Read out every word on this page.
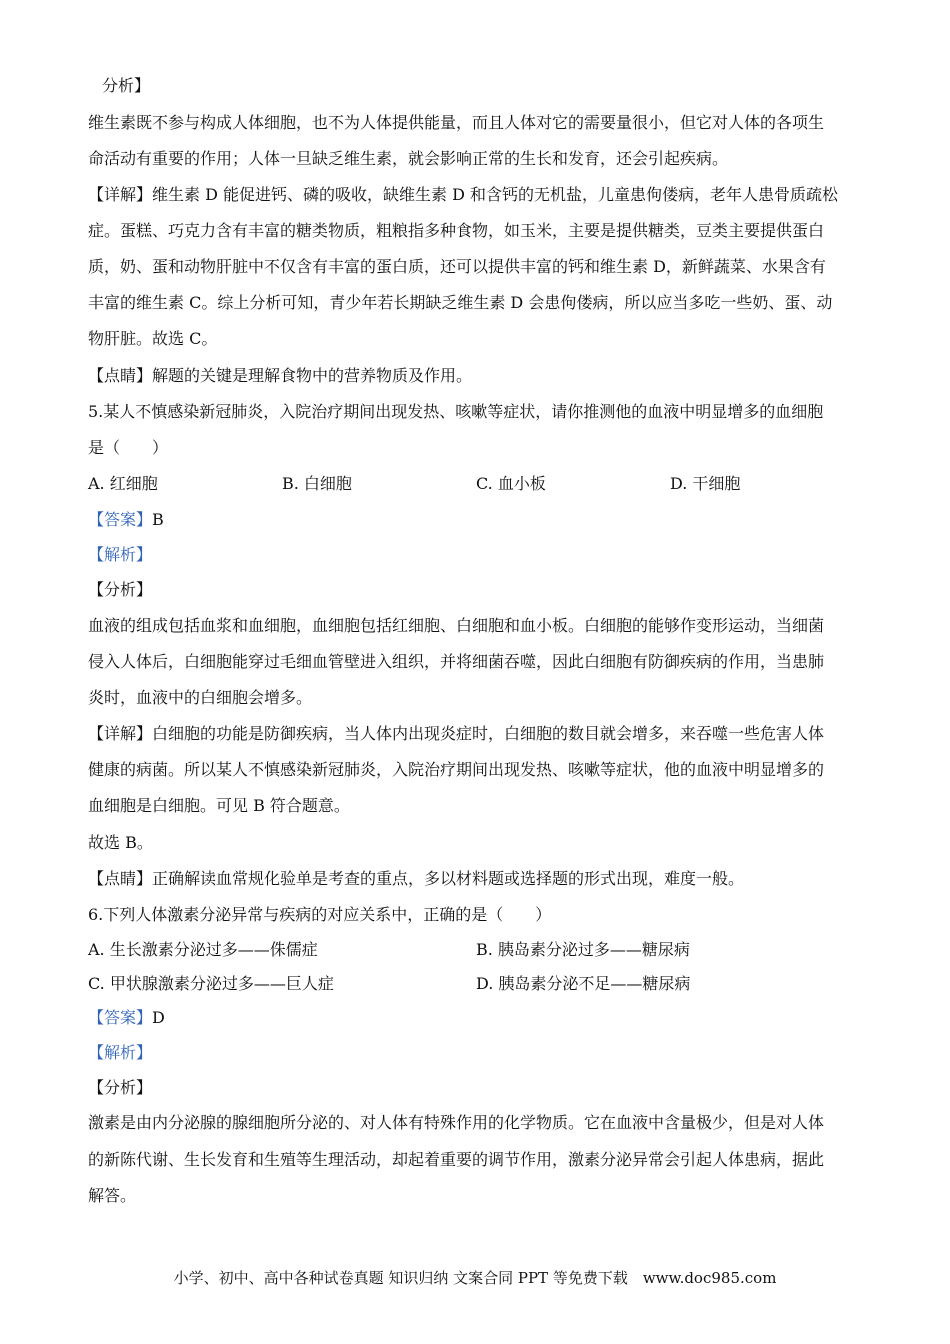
分析】
维生素既不参与构成人体细胞，也不为人体提供能量，而且人体对它的需要量很小，但它对人体的各项生
命活动有重要的作用；人体一旦缺乏维生素，就会影响正常的生长和发育，还会引起疾病。
【详解】维生素 D 能促进钙、磷的吸收，缺维生素 D 和含钙的无机盐，儿童患佝偻病，老年人患骨质疏松
症。蛋糕、巧克力含有丰富的糖类物质，粗粮指多种食物，如玉米，主要是提供糖类，豆类主要提供蛋白
质，奶、蛋和动物肝脏中不仅含有丰富的蛋白质，还可以提供丰富的钙和维生素 D，新鲜蔬菜、水果含有
丰富的维生素 C。综上分析可知，青少年若长期缺乏维生素 D 会患佝偻病，所以应当多吃一些奶、蛋、动
物肝脏。故选 C。
【点睛】解题的关键是理解食物中的营养物质及作用。
5.某人不慎感染新冠肺炎，入院治疗期间出现发热、咳嗽等症状，请你推测他的血液中明显增多的血细胞
是（　　）
A. 红细胞	B. 白细胞	C. 血小板	D. 干细胞
【答案】B
【解析】
【分析】
血液的组成包括血浆和血细胞，血细胞包括红细胞、白细胞和血小板。白细胞的能够作变形运动，当细菌
侵入人体后，白细胞能穿过毛细血管壁进入组织，并将细菌吞噬，因此白细胞有防御疾病的作用，当患肺
炎时，血液中的白细胞会增多。
【详解】白细胞的功能是防御疾病，当人体内出现炎症时，白细胞的数目就会增多，来吞噬一些危害人体
健康的病菌。所以某人不慎感染新冠肺炎，入院治疗期间出现发热、咳嗽等症状，他的血液中明显增多的
血细胞是白细胞。可见 B 符合题意。
故选 B。
【点睛】正确解读血常规化验单是考查的重点，多以材料题或选择题的形式出现，难度一般。
6.下列人体激素分泌异常与疾病的对应关系中，正确的是（　　）
A. 生长激素分泌过多——侏儒症	B. 胰岛素分泌过多——糖尿病
C. 甲状腺激素分泌过多——巨人症	D. 胰岛素分泌不足——糖尿病
【答案】D
【解析】
【分析】
激素是由内分泌腺的腺细胞所分泌的、对人体有特殊作用的化学物质。它在血液中含量极少，但是对人体
的新陈代谢、生长发育和生殖等生理活动，却起着重要的调节作用，激素分泌异常会引起人体患病，据此
解答。
小学、初中、高中各种试卷真题 知识归纳 文案合同 PPT 等免费下载　www.doc985.com
